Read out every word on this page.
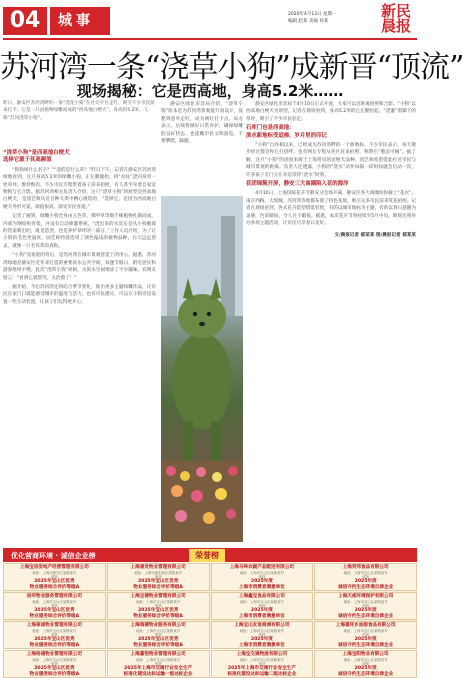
04	城事	2020年4月13日 星期一
编辑 赵某 美编 何某
新民晨报
苏河湾一条“浇草小狗”成新晋“顶流”
现场揭秘：它是西高地，身高5.2米……
昨日，静安区苏河湾畔的一条“浇花小狗”在社交平台走红，吸引不少市民前来打卡。它是一只由植物绿雕而成的“西高地白梗犬”，身高约5.2米，人称“苏河浇草小狗”。
“浇草小狗”是西高地白梗犬
选择它源于其高颜值

“狗狗叫什么名字？”“浇的是什么草？”昨日下午，记者在静安区苏河湾绿地看到，这只身高5.2米的绿雕小狗，正左腿微抬，将“水柱”浇向身旁一处草坪，惟妙惟肖。不少市民专程带着孩子前来拍照，有人甚至牵着自家宠物狗与它合影。据苏河湾相关负责人介绍，这只“浇草小狗”的原型是西高地白梗犬，是园艺师从近百种犬类中精心挑选的，“选择它，是因为西高地白梗犬外形可爱，颜值很高，深受市民喜爱。”

记者了解到，绿雕小狗全身由五色草、佛甲草等数千株植物扎制而成，内部为钢结构骨架，并设有自动喷灌系统。“浇出来的水其实是从小狗腿部的管道喷出的，既是造型，也是养护草坪的一部分。”工作人员介绍，为了让小狗的毛色更逼真，园艺师特意选用了颜色偏浅的植物品种，白天远远望去，就像一只毛茸茸的真狗。

“小狗”受欢迎的背后，是苏河湾在城市景观营造上的用心。据悉，苏河湾绿地是静安区近年来打造的重要滨水公共空间，每逢节假日，附近居民和游客络绎不绝。此次“浇草小狗”亮相，为滨水空间增添了不少趣味。有网友留言：“看到它就想笑，太治愈了！”

据介绍，今后苏河湾还将结合季节变化，推出更多主题绿雕作品，让市民在家门口就能感受城市的温度与活力。也有市民建议，可以在小狗旁边设置一些互动装置，让孩子们玩得更开心。

静安区绿化市容局介绍，“浇草小狗”原本是为苏河湾景观提升而设计，没想到意外走红，成为网红打卡点。局方表示，后续将做好日常养护，确保绿雕的良好状态，也提醒市民文明游览，不要攀爬、踩踏。

静安区绿化市容局于4月10日正式开放，大家可以近距离拍照和合影。“小狗”以西高地白梗犬为原型，记者在现场看到，身高5.2米的它左腿抬起，“浇灌”着脚下的草坪，吸引了不少市民驻足。

石库门也是西高地：
滨水新地标受追捧，岁月里的印记

“小狗”自亮相以来，已经成为苏河湾畔的一个新地标。不少市民表示，每天散步经过都会和它打招呼。也有网友专程从外区赶来拍照，称赞它“憨态可掬”。据了解，这只“小狗”的创意来源于上海常见的宠物犬品种，园艺师希望借此拉近市民与城市景观的距离。负责人还透露，小狗的“浇水”动作每隔一段时间就会启动一次，许多孩子专门守在旁边等待“浇水”时刻。

花团锦簇开屏，静安三大商圈陷入花的海洋

4月10日，上海国际花卉节静安分会场开幕，静安区各大商圈纷纷披上“花衣”。南京西路、大悦城、苏河湾等地都布置了特色花境，吸引众多市民前来赏花拍照。记者在现场看到，各式花卉造型错落有致，有的以城市地标为主题，有的以春日意趣为灵感，色彩缤纷，令人目不暇接。据悉，本次花卉节将持续至5月中旬，期间还将举办多场主题活动，让市民尽享春日美好。

文/晨报记者 郁某某 图/晨报记者 郁某某
优化营商环境 · 诚信企业榜	荣誉榜
上海宝房房地产经营管理有限公司
地址：上海市静安区某路某号
荣获
2025年宝山区优秀
物业服务综合评价等级A
上海浦发物业管理有限公司
地址：上海市浦东新区某路某号
荣获
2025年宝山区优秀
物业服务综合评价等级A
上海马岭农副产品配送有限公司
地址：上海市宝山区某路某号
荣获
2025年度
上海市消费者满意单位
上海贸邦食品有限公司
地址：上海市宝山区某路某号
荣获
2025年度
诚信守约生态环境自律企业
进华物业服务管理有限公司
地址：上海市宝山区某路某号
荣获
2025年宝山区优秀
物业服务综合评价等级A
上海宝捷物业管理有限公司
地址：上海市宝山区某路某号
荣获
2025年宝山区优秀
物业服务综合评价等级A
上海鑫宝食品有限公司
地址：上海市宝山区某路某号
荣获
2025年度
上海市消费者满意单位
上海天威环境保护有限公司
地址：上海市宝山区某路某号
荣获
2025年度
诚信守约生态环境自律企业
上海泰诚物业管理有限公司
地址：上海市宝山区某路某号
荣获
2025年宝山区优秀
物业服务综合评价等级A
上海瑞捷物业服务有限公司
地址：上海市宝山区某路某号
荣获
2025年宝山区优秀
物业服务综合评价等级A
上海宝山友谊商城有限公司
地址：上海市宝山区某路某号
荣获
2025年度
上海市消费者满意单位
上海富祥乡油脂食品有限公司
地址：上海市宝山区某路某号
荣获
2025年度
诚信守约生态环境自律企业
上海杨浦物业管理有限公司
地址：上海市宝山区某路某号
荣获
2025年宝山区优秀
物业服务综合评价等级A
上海嘉悦物业管理有限公司
地址：上海市宝山区某路某号
荣获
2025年上海市交通行业安全生产
标准化建设达标运输一级达标企业
上海宝交通物流有限公司
地址：上海市宝山区某路某号
荣获
2025年上海市交通行业安全生产
标准化建设达标运输二级达标企业
上海宝阳物业有限公司
地址：上海市宝山区某路某号
荣获
2025年度
诚信守约生态环境自律企业
